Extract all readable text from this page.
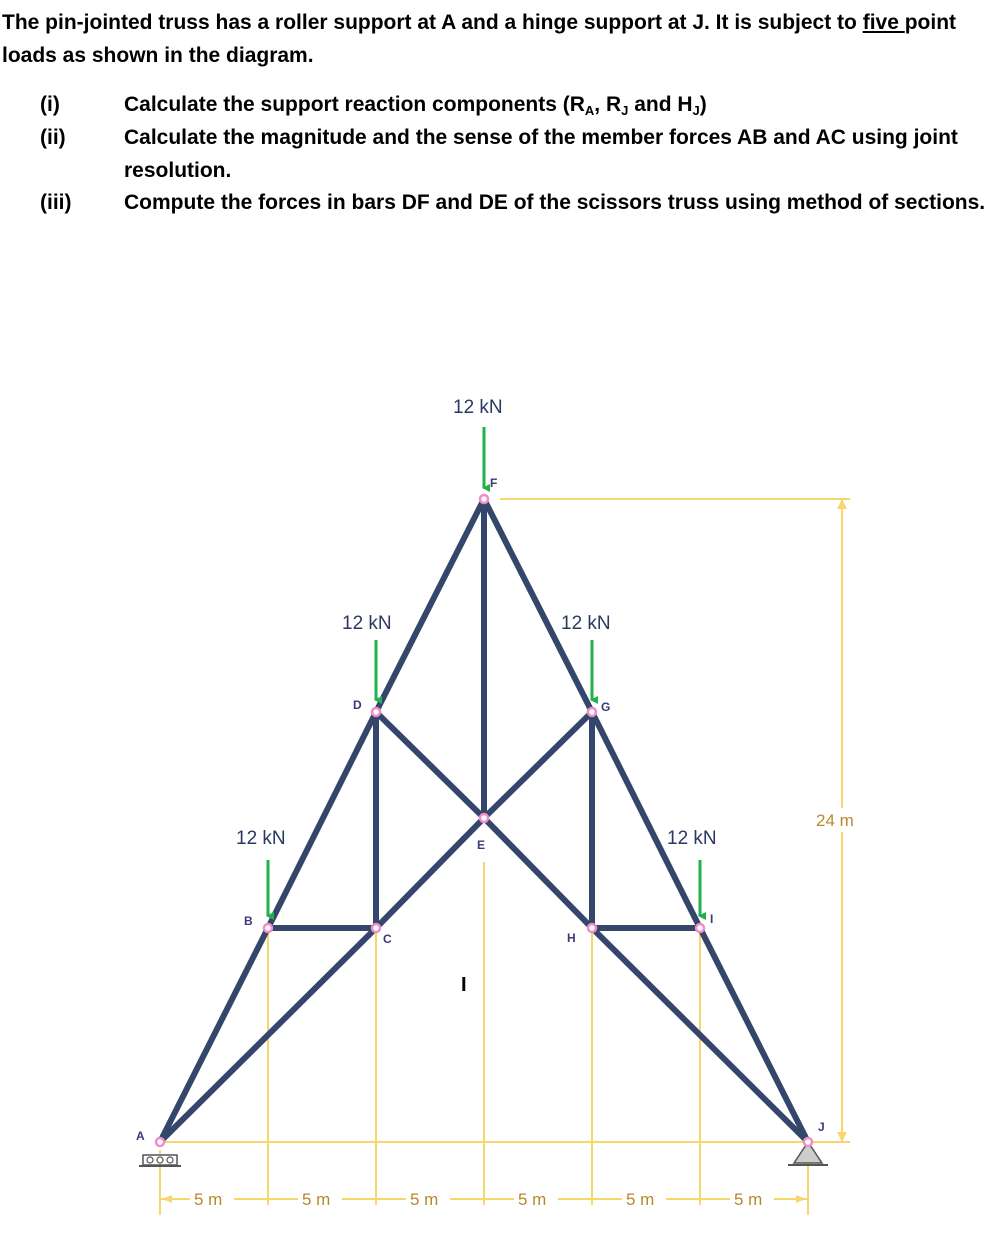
The pin-jointed truss has a roller support at A and a hinge support at J. It is subject to five point loads as shown in the diagram.
(i)	Calculate the support reaction components ($R_A$, $R_J$ and $H_J$)
(ii)	Calculate the magnitude and the sense of the member forces AB and AC using joint resolution.
(iii)	Compute the forces in bars DF and DE of the scissors truss using method of sections.
12 kN
12 kN	12 kN
12 kN	12 kN
A
B
C
D
E
F
G
H
I
J
I
24 m
5 m	5 m	5 m	5 m	5 m	5 m
